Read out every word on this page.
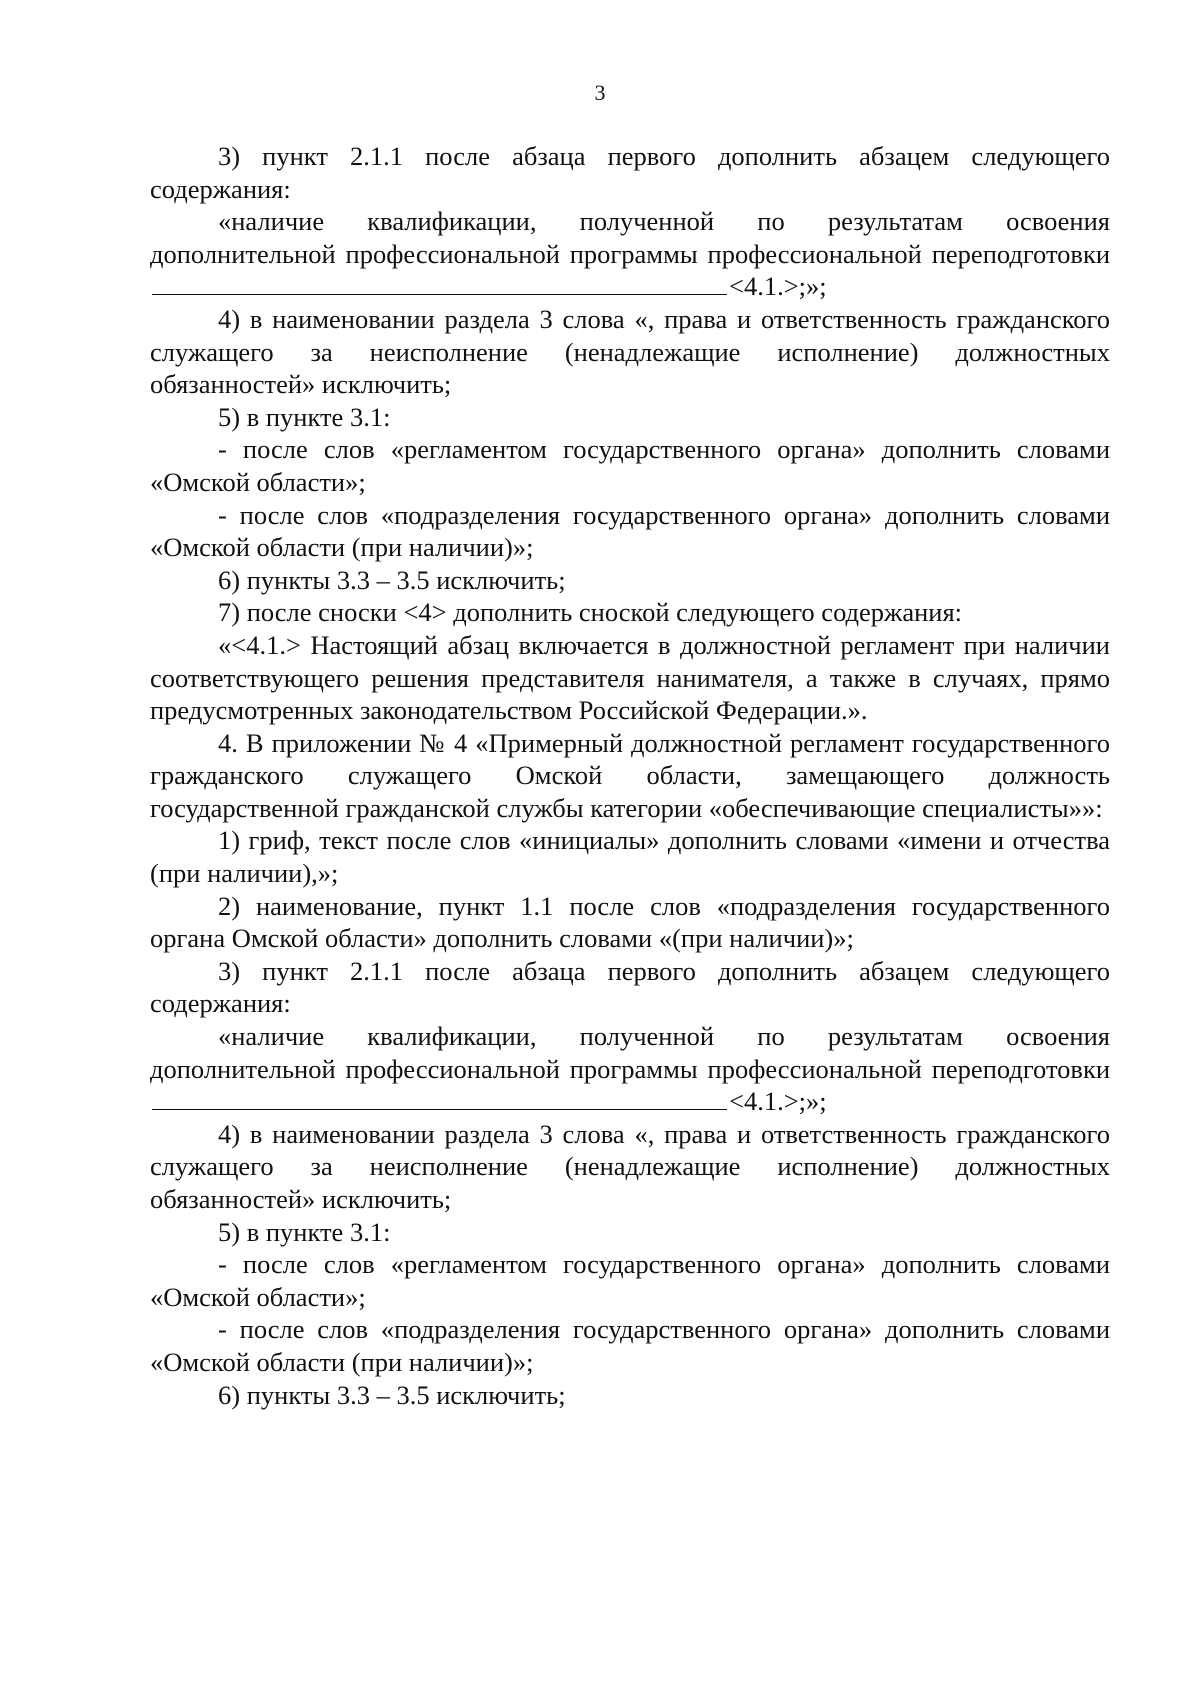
3

3) пункт 2.1.1 после абзаца первого дополнить абзацем следующего содержания:

«наличие квалификации, полученной по результатам освоения дополнительной профессиональной программы профессиональной переподготовки <4.1.>;»;

4) в наименовании раздела 3 слова «, права и ответственность гражданского служащего за неисполнение (ненадлежащие исполнение) должностных обязанностей» исключить;

5) в пункте 3.1:

- после слов «регламентом государственного органа» дополнить словами «Омской области»;

- после слов «подразделения государственного органа» дополнить словами «Омской области (при наличии)»;

6) пункты 3.3 – 3.5 исключить;

7) после сноски <4> дополнить сноской следующего содержания:

«<4.1.> Настоящий абзац включается в должностной регламент при наличии соответствующего решения представителя нанимателя, а также в случаях, прямо предусмотренных законодательством Российской Федерации.».

4. В приложении № 4 «Примерный должностной регламент государственного гражданского служащего Омской области, замещающего должность государственной гражданской службы категории «обеспечивающие специалисты»»:

1) гриф, текст после слов «инициалы» дополнить словами «имени и отчества (при наличии),»;

2) наименование, пункт 1.1 после слов «подразделения государственного органа Омской области» дополнить словами «(при наличии)»;

3) пункт 2.1.1 после абзаца первого дополнить абзацем следующего содержания:

«наличие квалификации, полученной по результатам освоения дополнительной профессиональной программы профессиональной переподготовки <4.1.>;»;

4) в наименовании раздела 3 слова «, права и ответственность гражданского служащего за неисполнение (ненадлежащие исполнение) должностных обязанностей» исключить;

5) в пункте 3.1:

- после слов «регламентом государственного органа» дополнить словами «Омской области»;

- после слов «подразделения государственного органа» дополнить словами «Омской области (при наличии)»;

6) пункты 3.3 – 3.5 исключить;
